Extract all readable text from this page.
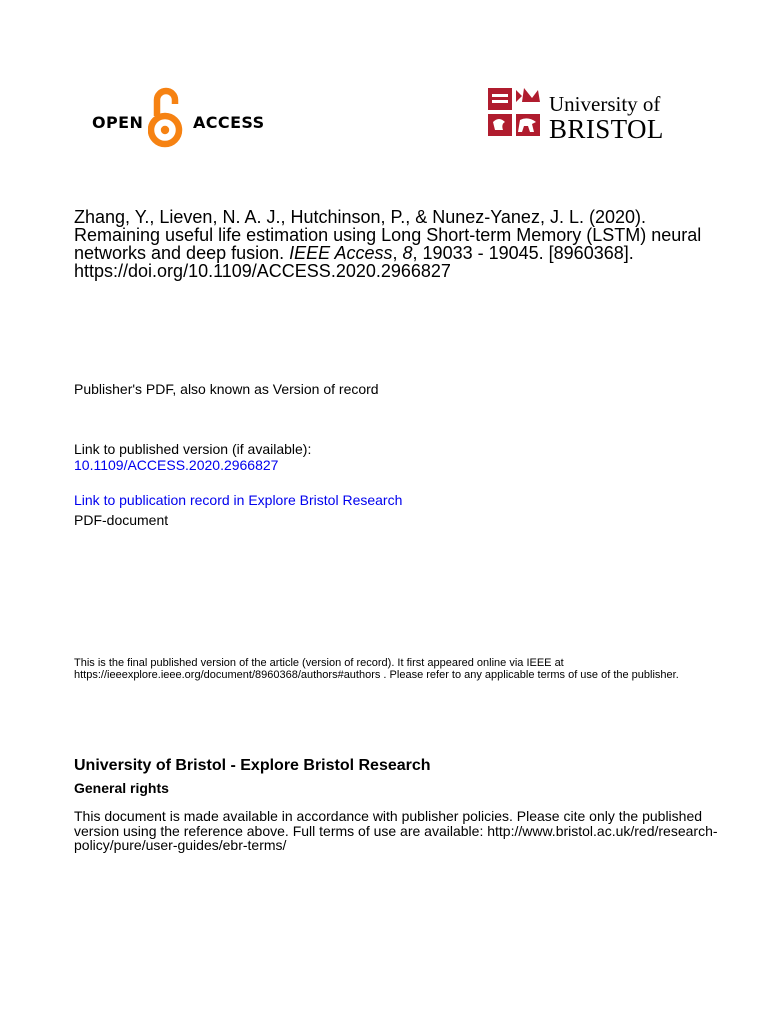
OPEN	ACCESS
University of
BRISTOL
Zhang, Y., Lieven, N. A. J., Hutchinson, P., & Nunez-Yanez, J. L. (2020). Remaining useful life estimation using Long Short-term Memory (LSTM) neural networks and deep fusion. IEEE Access, 8, 19033 - 19045. [8960368].
https://doi.org/10.1109/ACCESS.2020.2966827
Publisher's PDF, also known as Version of record
Link to published version (if available):
10.1109/ACCESS.2020.2966827
Link to publication record in Explore Bristol Research
PDF-document
This is the final published version of the article (version of record). It first appeared online via IEEE at https://ieeexplore.ieee.org/document/8960368/authors#authors . Please refer to any applicable terms of use of the publisher.
University of Bristol - Explore Bristol Research
General rights
This document is made available in accordance with publisher policies. Please cite only the published version using the reference above. Full terms of use are available: http://www.bristol.ac.uk/red/research-policy/pure/user-guides/ebr-terms/
